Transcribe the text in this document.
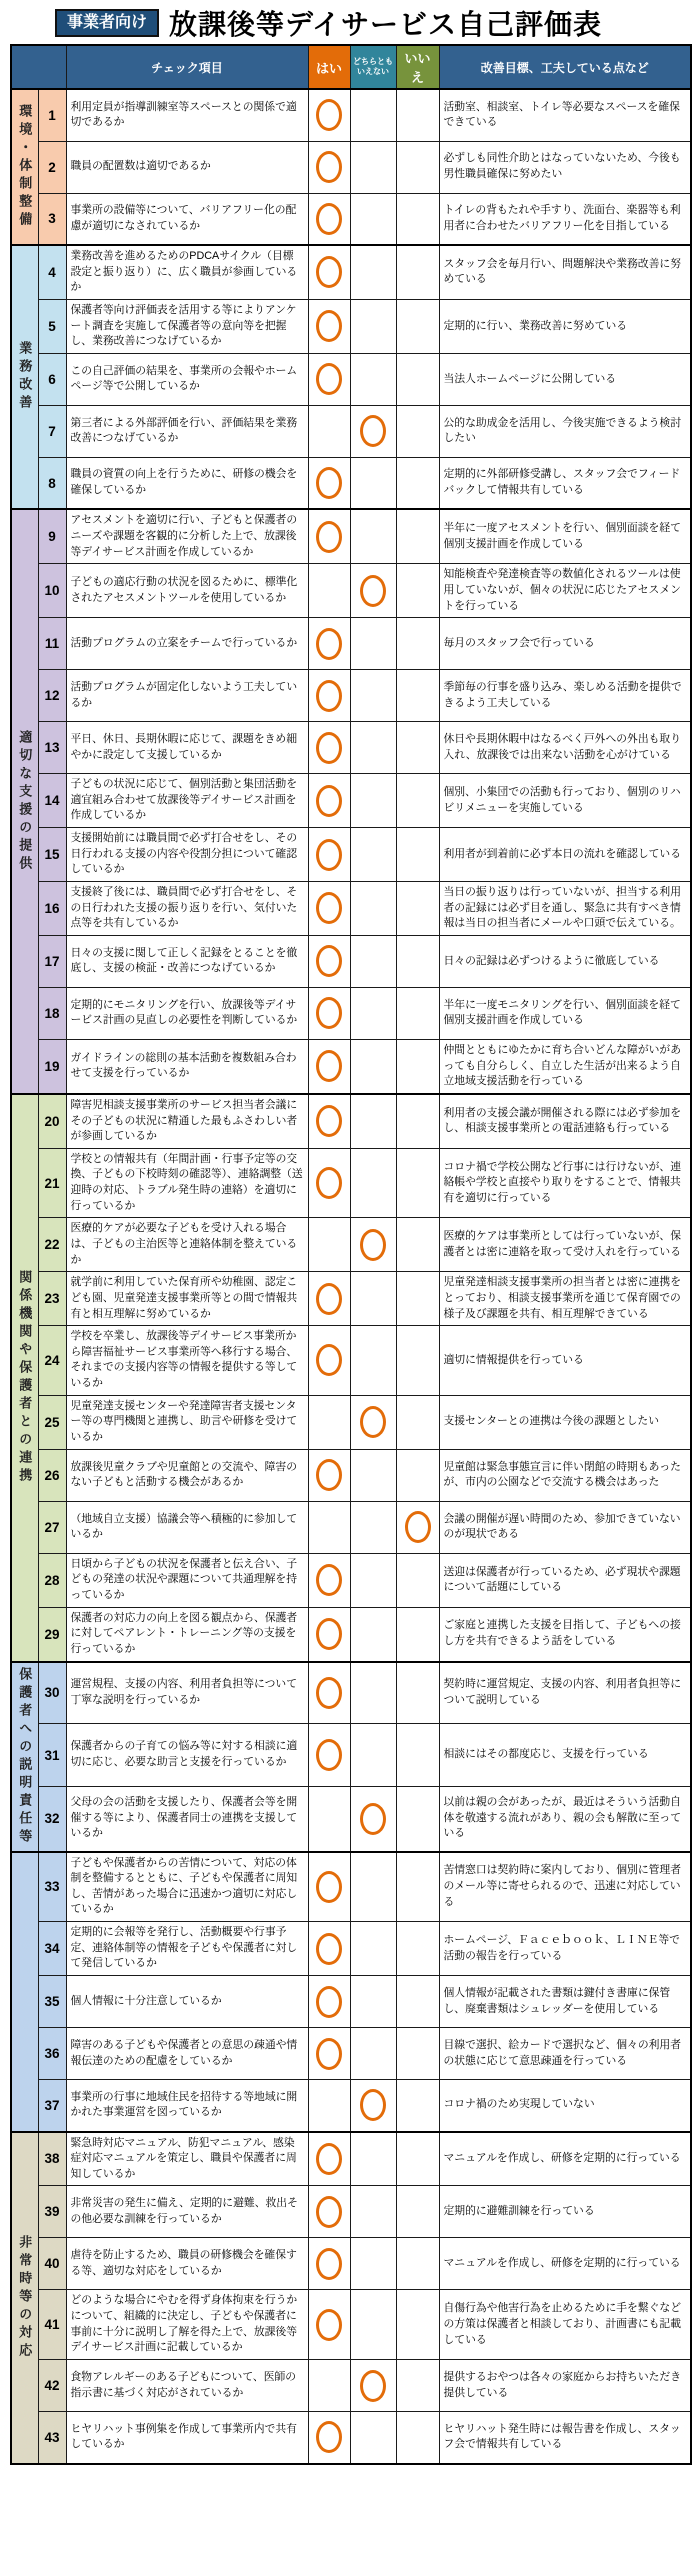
事業者向け 放課後等デイサービス自己評価表
		チェック項目	はい	どちらとも
いえない	いいえ	改善目標、工夫している点など

環境・体制整備	1	利用定員が指導訓練室等スペースとの関係で適切であるか				活動室、相談室、トイレ等必要なスペースを確保できている
	2	職員の配置数は適切であるか				必ずしも同性介助とはなっていないため、今後も男性職員確保に努めたい
	3	事業所の設備等について、バリアフリー化の配慮が適切になされているか				トイレの背もたれや手すり、洗面台、楽器等も利用者に合わせたバリアフリー化を目指している

業務改善	4	業務改善を進めるためのPDCAサイクル（目標設定と振り返り）に、広く職員が参画しているか				スタッフ会を毎月行い、問題解決や業務改善に努めている
	5	保護者等向け評価表を活用する等によりアンケート調査を実施して保護者等の意向等を把握し、業務改善につなげているか				定期的に行い、業務改善に努めている
	6	この自己評価の結果を、事業所の会報やホームページ等で公開しているか				当法人ホームページに公開している
	7	第三者による外部評価を行い、評価結果を業務改善につなげているか				公的な助成金を活用し、今後実施できるよう検討したい
	8	職員の資質の向上を行うために、研修の機会を確保しているか				定期的に外部研修受講し、スタッフ会でフィードバックして情報共有している

適切な支援の提供	9	アセスメントを適切に行い、子どもと保護者のニーズや課題を客観的に分析した上で、放課後等デイサービス計画を作成しているか				半年に一度アセスメントを行い、個別面談を経て個別支援計画を作成している
	10	子どもの適応行動の状況を図るために、標準化されたアセスメントツールを使用しているか				知能検査や発達検査等の数値化されるツールは使用していないが、個々の状況に応じたアセスメントを行っている
	11	活動プログラムの立案をチームで行っているか				毎月のスタッフ会で行っている
	12	活動プログラムが固定化しないよう工夫しているか				季節毎の行事を盛り込み、楽しめる活動を提供できるよう工夫している
	13	平日、休日、長期休暇に応じて、課題をきめ細やかに設定して支援しているか				休日や長期休暇中はなるべく戸外への外出も取り入れ、放課後では出来ない活動を心がけている
	14	子どもの状況に応じて、個別活動と集団活動を適宜組み合わせて放課後等デイサービス計画を作成しているか				個別、小集団での活動も行っており、個別のリハビリメニューを実施している
	15	支援開始前には職員間で必ず打合せをし、その日行われる支援の内容や役割分担について確認しているか				利用者が到着前に必ず本日の流れを確認している
	16	支援終了後には、職員間で必ず打合せをし、その日行われた支援の振り返りを行い、気付いた点等を共有しているか				当日の振り返りは行っていないが、担当する利用者の記録には必ず目を通し、緊急に共有すべき情報は当日の担当者にメールや口頭で伝えている。
	17	日々の支援に関して正しく記録をとることを徹底し、支援の検証・改善につなげているか				日々の記録は必ずつけるように徹底している
	18	定期的にモニタリングを行い、放課後等デイサービス計画の見直しの必要性を判断しているか				半年に一度モニタリングを行い、個別面談を経て個別支援計画を作成している
	19	ガイドラインの総則の基本活動を複数組み合わせて支援を行っているか				仲間とともにゆたかに育ち合いどんな障がいがあっても自分らしく、自立した生活が出来るよう自立地域支援活動を行っている

関係機関や保護者との連携	20	障害児相談支援事業所のサービス担当者会議にその子どもの状況に精通した最もふさわしい者が参画しているか				利用者の支援会議が開催される際には必ず参加をし、相談支援事業所との電話連絡も行っている
	21	学校との情報共有（年間計画・行事予定等の交換、子どもの下校時刻の確認等）、連絡調整（送迎時の対応、トラブル発生時の連絡）を適切に行っているか				コロナ禍で学校公開など行事には行けないが、連絡帳や学校と直接やり取りをすることで、情報共有を適切に行っている
	22	医療的ケアが必要な子どもを受け入れる場合は、子どもの主治医等と連絡体制を整えているか				医療的ケアは事業所としては行っていないが、保護者とは密に連絡を取って受け入れを行っている
	23	就学前に利用していた保育所や幼稚園、認定こども園、児童発達支援事業所等との間で情報共有と相互理解に努めているか				児童発達相談支援事業所の担当者とは密に連携をとっており、相談支援事業所を通じて保育園での様子及び課題を共有、相互理解できている
	24	学校を卒業し、放課後等デイサービス事業所から障害福祉サービス事業所等へ移行する場合、それまでの支援内容等の情報を提供する等しているか				適切に情報提供を行っている
	25	児童発達支援センターや発達障害者支援センター等の専門機関と連携し、助言や研修を受けているか				支援センターとの連携は今後の課題としたい
	26	放課後児童クラブや児童館との交流や、障害のない子どもと活動する機会があるか				児童館は緊急事態宣言に伴い閉館の時期もあったが、市内の公園などで交流する機会はあった
	27	（地域自立支援）協議会等へ積極的に参加しているか				会議の開催が遅い時間のため、参加できていないのが現状である
	28	日頃から子どもの状況を保護者と伝え合い、子どもの発達の状況や課題について共通理解を持っているか				送迎は保護者が行っているため、必ず現状や課題について話題にしている
	29	保護者の対応力の向上を図る観点から、保護者に対してペアレント・トレーニング等の支援を行っているか				ご家庭と連携した支援を目指して、子どもへの接し方を共有できるよう話をしている

保護者への説明責任等	30	運営規程、支援の内容、利用者負担等について丁寧な説明を行っているか				契約時に運営規定、支援の内容、利用者負担等について説明している
	31	保護者からの子育ての悩み等に対する相談に適切に応じ、必要な助言と支援を行っているか				相談にはその都度応じ、支援を行っている
	32	父母の会の活動を支援したり、保護者会等を開催する等により、保護者同士の連携を支援しているか				以前は親の会があったが、最近はそういう活動自体を敬遠する流れがあり、親の会も解散に至っている

	33	子どもや保護者からの苦情について、対応の体制を整備するとともに、子どもや保護者に周知し、苦情があった場合に迅速かつ適切に対応しているか				苦情窓口は契約時に案内しており、個別に管理者のメール等に寄せられるので、迅速に対応している
	34	定期的に会報等を発行し、活動概要や行事予定、連絡体制等の情報を子どもや保護者に対して発信しているか				ホームページ、Ｆａｃｅｂｏｏｋ、ＬＩＮＥ等で活動の報告を行っている
	35	個人情報に十分注意しているか				個人情報が記載された書類は鍵付き書庫に保管し、廃棄書類はシュレッダーを使用している
	36	障害のある子どもや保護者との意思の疎通や情報伝達のための配慮をしているか				目線で選択、絵カードで選択など、個々の利用者の状態に応じて意思疎通を行っている
	37	事業所の行事に地域住民を招待する等地域に開かれた事業運営を図っているか				コロナ禍のため実現していない

非常時等の対応	38	緊急時対応マニュアル、防犯マニュアル、感染症対応マニュアルを策定し、職員や保護者に周知しているか				マニュアルを作成し、研修を定期的に行っている
	39	非常災害の発生に備え、定期的に避難、救出その他必要な訓練を行っているか				定期的に避難訓練を行っている
	40	虐待を防止するため、職員の研修機会を確保する等、適切な対応をしているか				マニュアルを作成し、研修を定期的に行っている
	41	どのような場合にやむを得ず身体拘束を行うかについて、組織的に決定し、子どもや保護者に事前に十分に説明し了解を得た上で、放課後等デイサービス計画に記載しているか				自傷行為や他害行為を止めるために手を繋ぐなどの方策は保護者と相談しており、計画書にも記載している
	42	食物アレルギーのある子どもについて、医師の指示書に基づく対応がされているか				提供するおやつは各々の家庭からお持ちいただき提供している
	43	ヒヤリハット事例集を作成して事業所内で共有しているか				ヒヤリハット発生時には報告書を作成し、スタッフ会で情報共有している
